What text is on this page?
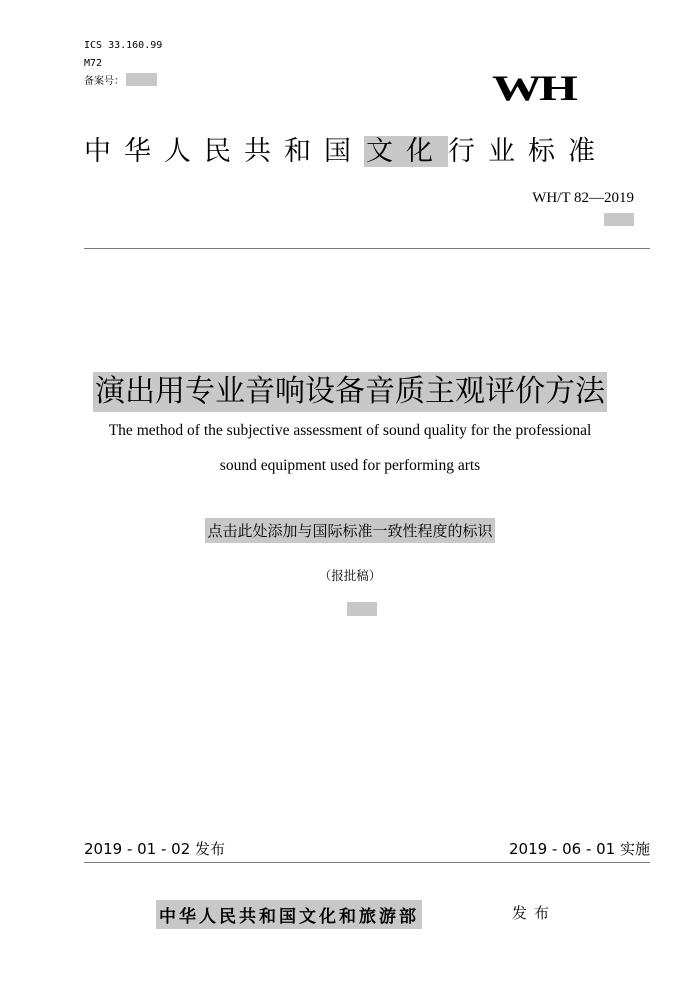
ICS 33.160.99
M72
备案号：	WH
中华人民共和国文化行业标准
WH/T 82—2019
演出用专业音响设备音质主观评价方法
The method of the subjective assessment of sound quality for the professional
sound equipment used for performing arts
点击此处添加与国际标准一致性程度的标识
（报批稿）
2019 - 01 - 02 发布	2019 - 06 - 01 实施
中华人民共和国文化和旅游部	发布
